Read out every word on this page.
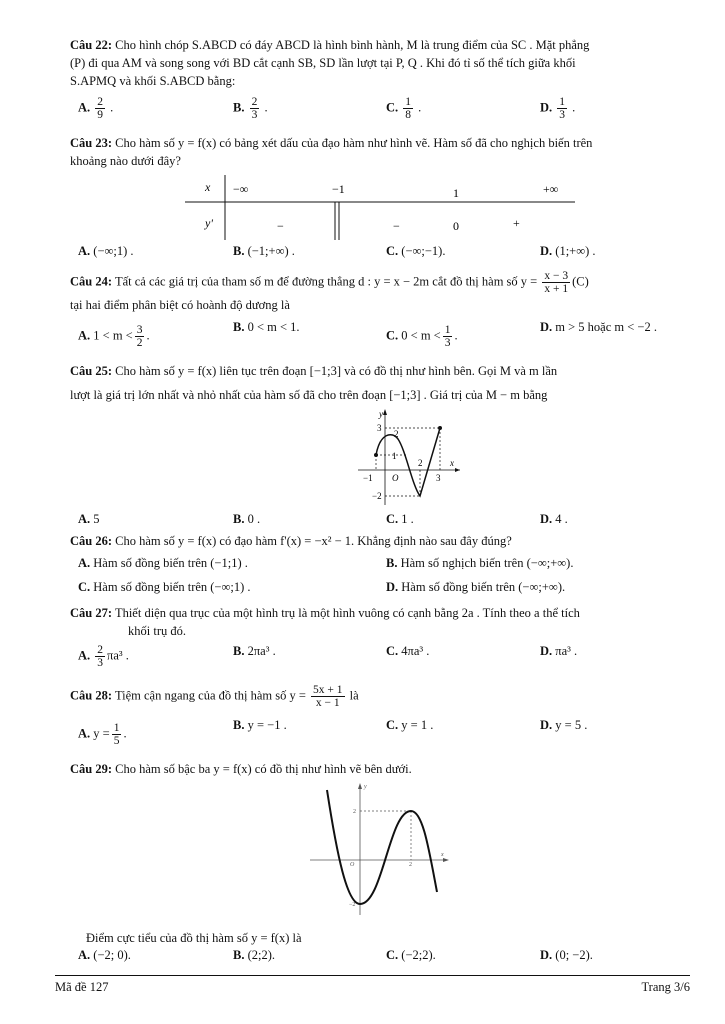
Câu 22: Cho hình chóp S.ABCD có đáy ABCD là hình bình hành, M là trung điểm của SC . Mặt phẳng
(P) đi qua AM và song song với BD cắt cạnh SB, SD lần lượt tại P, Q . Khi đó tỉ số thể tích giữa khối
S.APMQ và khối S.ABCD bằng:
A. $\frac{2}{9}$ .	B. $\frac{2}{3}$ .	C. $\frac{1}{8}$ .	D. $\frac{1}{3}$ .
Câu 23: Cho hàm số y = f(x) có bảng xét dấu của đạo hàm như hình vẽ. Hàm số đã cho nghịch biến trên
khoảng nào dưới đây?
x −∞	−1	1	+∞
y'	−	−	0	+
A. (−∞;1) .	B. (−1;+∞) .	C. (−∞;−1).	D. (1;+∞) .
Câu 24: Tất cả các giá trị của tham số m để đường thẳng d : y = x − 2m cắt đồ thị hàm số $y = \frac{x - 3}{x + 1} (C)$
tại hai điểm phân biệt có hoành độ dương là
A. $1 < m < \frac{3}{2}$ .
B. 0 < m < 1.
C. $0 < m < \frac{1}{3}$ .
D. m > 5 hoặc m < −2 .
Câu 25: Cho hàm số y = f(x) liên tục trên đoạn [−1;3] và có đồ thị như hình bên. Gọi M và m lần
lượt là giá trị lớn nhất và nhỏ nhất của hàm số đã cho trên đoạn [−1;3] . Giá trị của M − m bằng
y
x
O
3
2
1
−1
−2
2
3
A. 5	B. 0 .	C. 1 .	D. 4 .
Câu 26: Cho hàm số y = f(x) có đạo hàm f'(x) = −x² − 1. Khẳng định nào sau đây đúng?
A. Hàm số đồng biến trên (−1;1) .	B. Hàm số nghịch biến trên (−∞;+∞).
C. Hàm số đồng biến trên (−∞;1) .	D. Hàm số đồng biến trên (−∞;+∞).
Câu 27: Thiết diện qua trục của một hình trụ là một hình vuông có cạnh bằng 2a . Tính theo a thể tích
khối trụ đó.
A. $\frac{2}{3} \pi a^3$ .	B. 2πa³ .	C. 4πa³ .	D. πa³ .
Câu 28: Tiệm cận ngang của đồ thị hàm số $y = \frac{5x + 1}{x - 1}$ là
A. $y = \frac{1}{5}$ .
B. y = −1 .	C. y = 1 .	D. y = 5 .
Câu 29: Cho hàm số bậc ba y = f(x) có đồ thị như hình vẽ bên dưới.
y
x
O
2
2
−2
Điểm cực tiểu của đồ thị hàm số y = f(x) là
A. (−2; 0).	B. (2;2).	C. (−2;2).	D. (0; −2).
Mã đề 127	Trang 3/6
